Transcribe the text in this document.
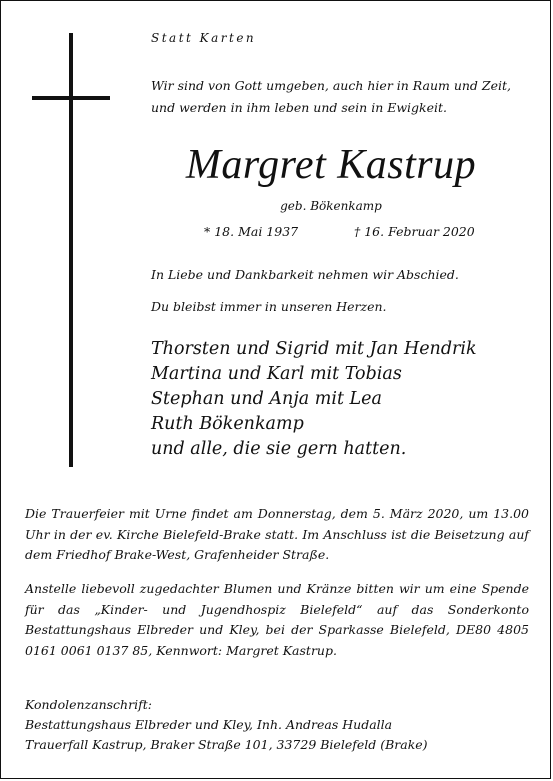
Statt Karten
Wir sind von Gott umgeben, auch hier in Raum und Zeit,
und werden in ihm leben und sein in Ewigkeit.
Margret Kastrup
geb. Bökenkamp
* 18. Mai 1937	† 16. Februar 2020
In Liebe und Dankbarkeit nehmen wir Abschied.
Du bleibst immer in unseren Herzen.
Thorsten und Sigrid mit Jan Hendrik
Martina und Karl mit Tobias
Stephan und Anja mit Lea
Ruth Bökenkamp
und alle, die sie gern hatten.
Die Trauerfeier mit Urne findet am Donnerstag, dem 5. März 2020, um 13.00 Uhr in der ev. Kirche Bielefeld-Brake statt. Im Anschluss ist die Beisetzung auf dem Friedhof Brake-West, Grafenheider Straße.
Anstelle liebevoll zugedachter Blumen und Kränze bitten wir um eine Spende für das „Kinder- und Jugendhospiz Bielefeld“ auf das Sonderkonto Bestattungshaus Elbreder und Kley, bei der Sparkasse Bielefeld, DE80 4805 0161 0061 0137 85, Kennwort: Margret Kastrup.
Kondolenzanschrift:
Bestattungshaus Elbreder und Kley, Inh. Andreas Hudalla
Trauerfall Kastrup, Braker Straße 101, 33729 Bielefeld (Brake)
